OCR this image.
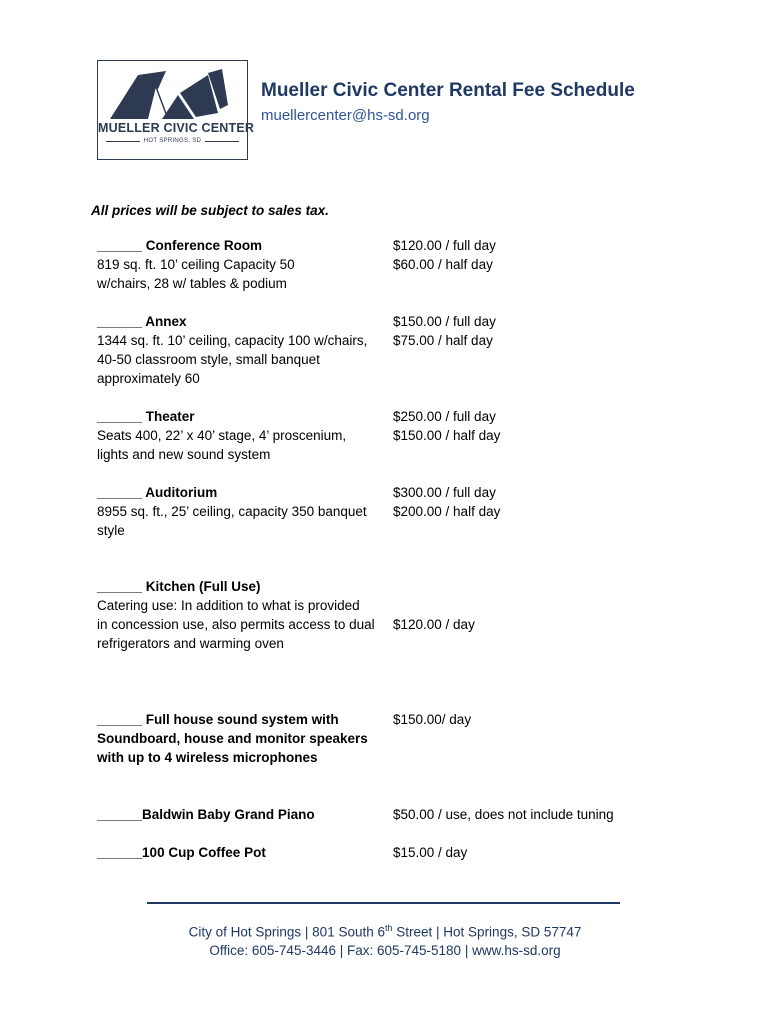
MUELLER CIVIC CENTER
HOT SPRINGS, SD
Mueller Civic Center Rental Fee Schedule
muellercenter@hs-sd.org
All prices will be subject to sales tax.
______ Conference Room
819 sq. ft. 10’ ceiling Capacity 50
w/chairs, 28 w/ tables & podium
$120.00 / full day
$60.00 / half day
______ Annex
1344 sq. ft. 10’ ceiling, capacity 100 w/chairs,
40-50 classroom style, small banquet
approximately 60
$150.00 / full day
$75.00 / half day
______ Theater
Seats 400, 22’ x 40’ stage, 4’ proscenium,
lights and new sound system
$250.00 / full day
$150.00 / half day
______ Auditorium
8955 sq. ft., 25’ ceiling, capacity 350 banquet
style
$300.00 / full day
$200.00 / half day
______ Kitchen (Full Use)
Catering use: In addition to what is provided
in concession use, also permits access to dual
refrigerators and warming oven
$120.00 / day
______ Full house sound system with
Soundboard, house and monitor speakers
with up to 4 wireless microphones
$150.00/ day
______Baldwin Baby Grand Piano	$50.00 / use, does not include tuning
______100 Cup Coffee Pot	$15.00 / day
City of Hot Springs | 801 South 6th Street | Hot Springs, SD 57747
Office: 605-745-3446 | Fax: 605-745-5180 | www.hs-sd.org
